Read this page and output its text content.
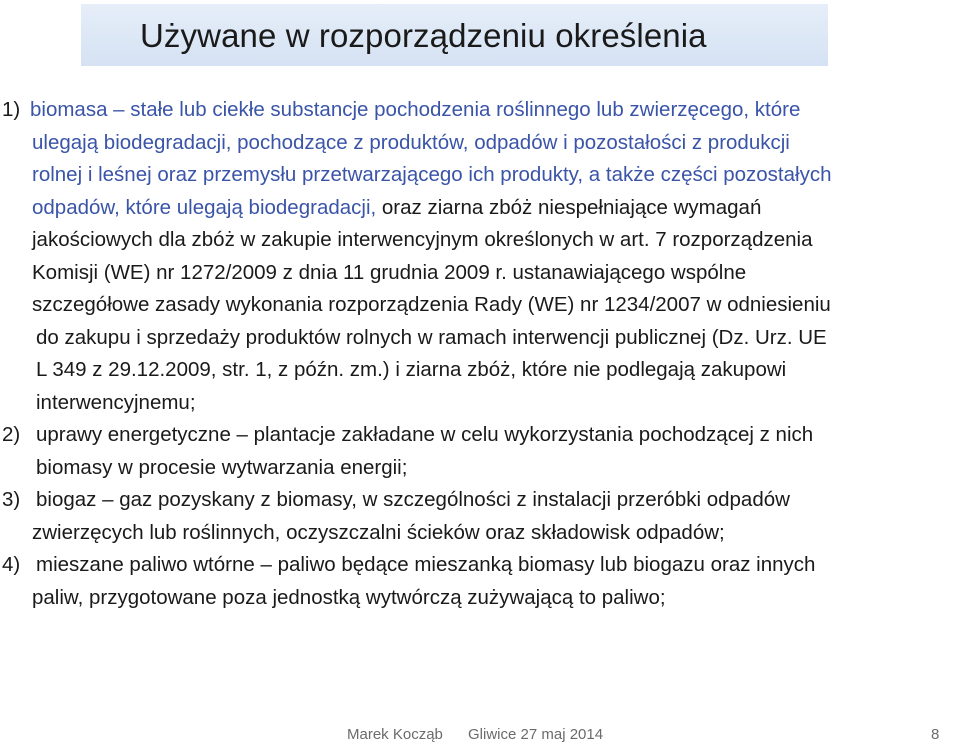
Używane w rozporządzeniu określenia
1) biomasa – stałe lub ciekłe substancje pochodzenia roślinnego lub zwierzęcego, które
ulegają biodegradacji, pochodzące z produktów, odpadów i pozostałości z produkcji
rolnej i leśnej oraz przemysłu przetwarzającego ich produkty, a także części pozostałych
odpadów, które ulegają biodegradacji, oraz ziarna zbóż niespełniające wymagań
jakościowych dla zbóż w zakupie interwencyjnym określonych w art. 7 rozporządzenia
Komisji (WE) nr 1272/2009 z dnia 11 grudnia 2009 r. ustanawiającego wspólne
szczegółowe zasady wykonania rozporządzenia Rady (WE) nr 1234/2007 w odniesieniu
do zakupu i sprzedaży produktów rolnych w ramach interwencji publicznej (Dz. Urz. UE
L 349 z 29.12.2009, str. 1, z późn. zm.) i ziarna zbóż, które nie podlegają zakupowi
interwencyjnemu;
2) uprawy energetyczne – plantacje zakładane w celu wykorzystania pochodzącej z nich
biomasy w procesie wytwarzania energii;
3) biogaz – gaz pozyskany z biomasy, w szczególności z instalacji przeróbki odpadów
zwierzęcych lub roślinnych, oczyszczalni ścieków oraz składowisk odpadów;
4) mieszane paliwo wtórne – paliwo będące mieszanką biomasy lub biogazu oraz innych
paliw, przygotowane poza jednostką wytwórczą zużywającą to paliwo;
Marek Kocząb Gliwice 27 maj 2014	8
